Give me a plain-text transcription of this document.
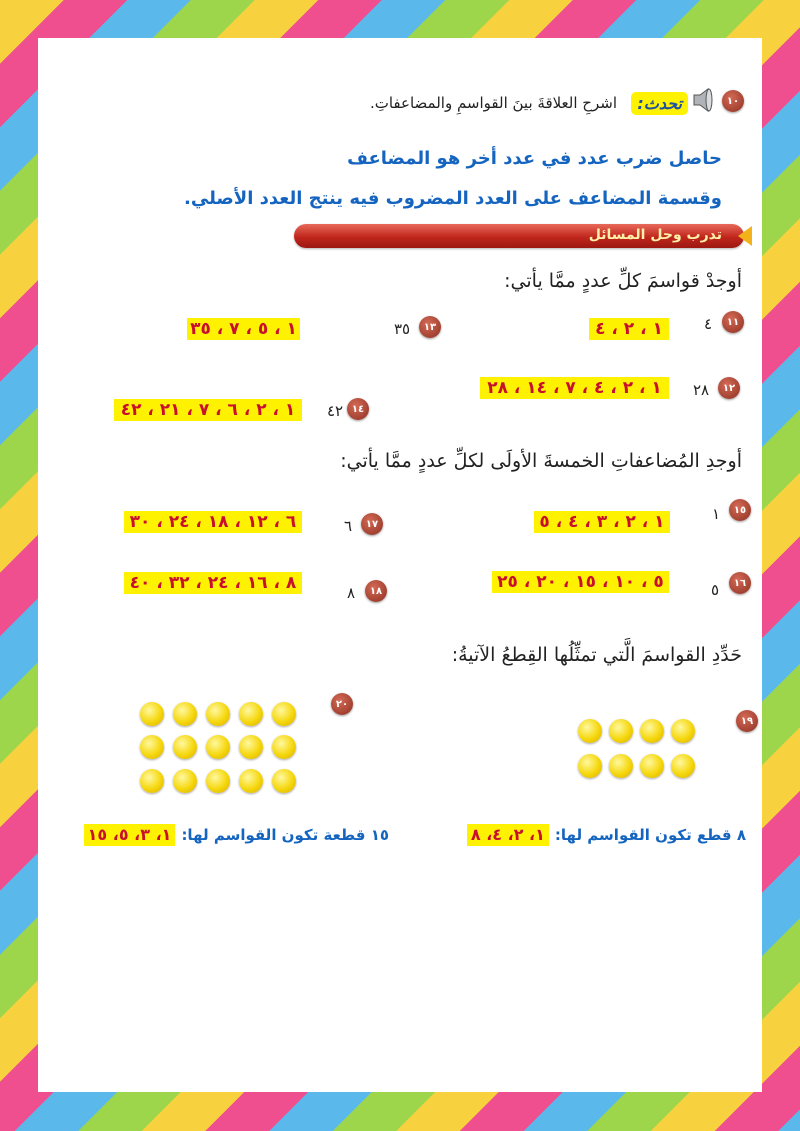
١٠
تحدث:
اشرحِ العلاقةَ بينَ القواسمِ والمضاعفاتِ.
حاصل ضرب عدد في عدد أخر هو المضاعف
وقسمة المضاعف على العدد المضروب فيه ينتج العدد الأصلي.
تدرب وحل المسائل
أوجدْ قواسمَ كلِّ عددٍ ممَّا يأتي:
١١
٤
١ ، ٢ ، ٤
١٣
٣٥
١ ، ٥ ، ٧ ، ٣٥
١٢
٢٨
١ ، ٢ ، ٤ ، ٧ ، ١٤ ، ٢٨
١٤
٤٢
١ ، ٢ ، ٦ ، ٧ ، ٢١ ، ٤٢
أوجدِ المُضاعفاتِ الخمسةَ الأولَى لكلِّ عددٍ ممَّا يأتي:
١٥
١
١ ، ٢ ، ٣ ، ٤ ، ٥
١٧
٦
٦ ، ١٢ ، ١٨ ، ٢٤ ، ٣٠
١٦
٥
٥ ، ١٠ ، ١٥ ، ٢٠ ، ٢٥
١٨
٨
٨ ، ١٦ ، ٢٤ ، ٣٢ ، ٤٠
حَدِّدِ القواسمَ الَّتي تمثِّلُها القِطعُ الآتيةُ:
٢٠
١٩
٨ قطع تكون القواسم لها:
١، ٢، ٤، ٨
١٥ قطعة تكون القواسم لها:
١، ٣، ٥، ١٥
